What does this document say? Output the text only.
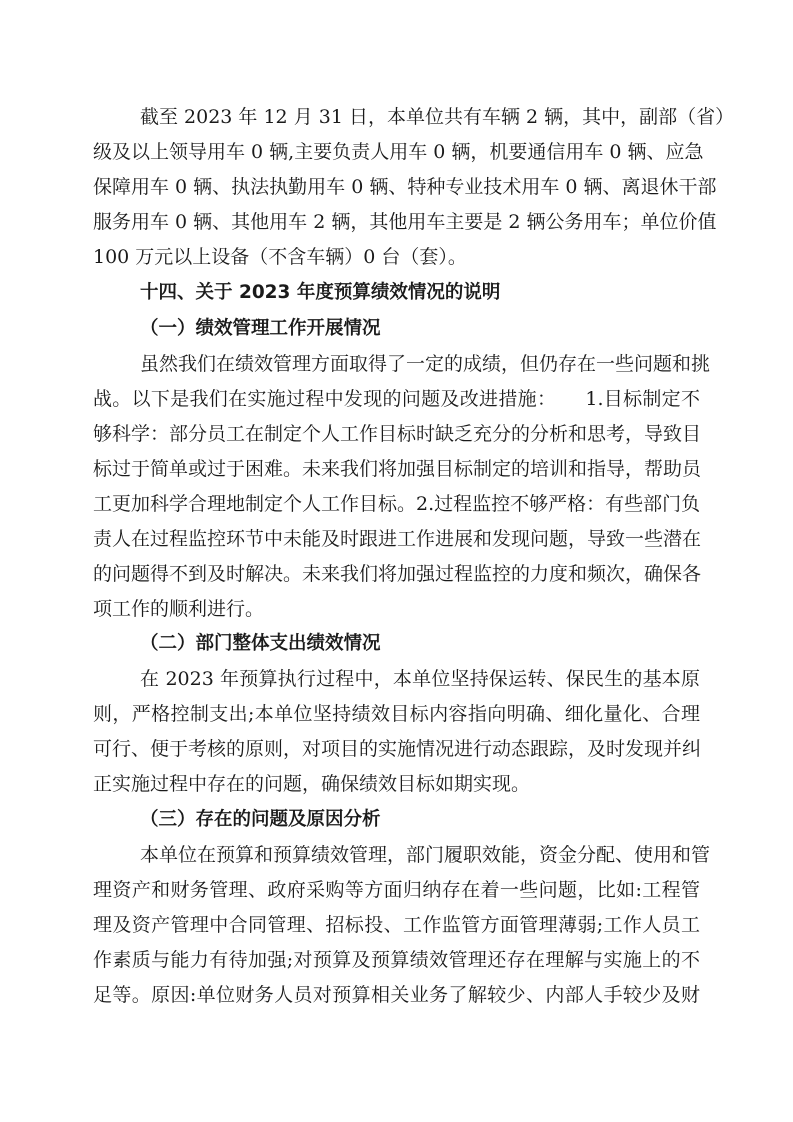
截至 2023 年 12 月 31 日，本单位共有车辆 2 辆，其中，副部（省）
级及以上领导用车 0 辆,主要负责人用车 0 辆，机要通信用车 0 辆、应急
保障用车 0 辆、执法执勤用车 0 辆、特种专业技术用车 0 辆、离退休干部
服务用车 0 辆、其他用车 2 辆，其他用车主要是 2 辆公务用车；单位价值
100 万元以上设备（不含车辆）0 台（套）。
十四、关于 2023 年度预算绩效情况的说明
（一）绩效管理工作开展情况
虽然我们在绩效管理方面取得了一定的成绩，但仍存在一些问题和挑
战。以下是我们在实施过程中发现的问题及改进措施：　　1.目标制定不
够科学：部分员工在制定个人工作目标时缺乏充分的分析和思考，导致目
标过于简单或过于困难。未来我们将加强目标制定的培训和指导，帮助员
工更加科学合理地制定个人工作目标。2.过程监控不够严格：有些部门负
责人在过程监控环节中未能及时跟进工作进展和发现问题，导致一些潜在
的问题得不到及时解决。未来我们将加强过程监控的力度和频次，确保各
项工作的顺利进行。
（二）部门整体支出绩效情况
在 2023 年预算执行过程中，本单位坚持保运转、保民生的基本原
则，严格控制支出;本单位坚持绩效目标内容指向明确、细化量化、合理
可行、便于考核的原则，对项目的实施情况进行动态跟踪，及时发现并纠
正实施过程中存在的问题，确保绩效目标如期实现。
（三）存在的问题及原因分析
本单位在预算和预算绩效管理，部门履职效能，资金分配、使用和管
理资产和财务管理、政府采购等方面归纳存在着一些问题，比如:工程管
理及资产管理中合同管理、招标投、工作监管方面管理薄弱;工作人员工
作素质与能力有待加强;对预算及预算绩效管理还存在理解与实施上的不
足等。原因:单位财务人员对预算相关业务了解较少、内部人手较少及财
